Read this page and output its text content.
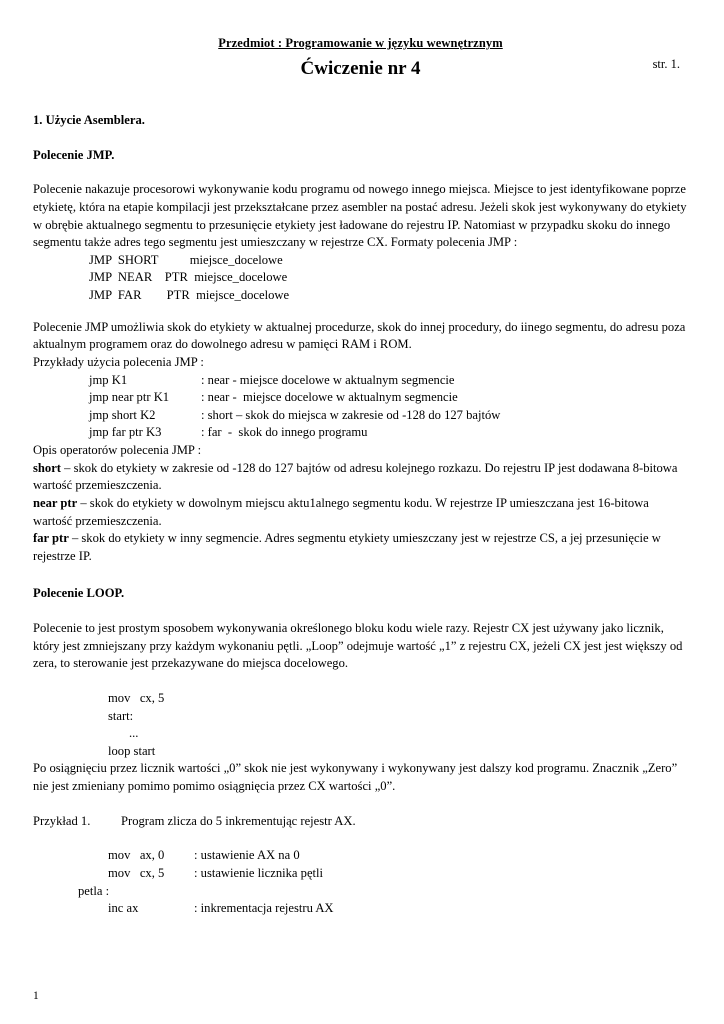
Przedmiot : Programowanie w języku wewnętrznym
str. 1.
Ćwiczenie nr 4
1. Użycie Asemblera.
Polecenie JMP.

Polecenie nakazuje procesorowi wykonywanie kodu programu od nowego innego miejsca. Miejsce to jest identyfikowane poprze etykietę, która na etapie kompilacji jest przekształcane przez asembler na postać adresu. Jeżeli skok jest wykonywany do etykiety w obrębie aktualnego segmentu to przesunięcie etykiety jest ładowane do rejestru IP. Natomiast w przypadku skoku do innego segmentu także adres tego segmentu jest umieszczany w rejestrze CX. Formaty polecenia JMP :

JMP  SHORT          miejsce_docelowe
JMP  NEAR    PTR  miejsce_docelowe
JMP  FAR        PTR  miejsce_docelowe

Polecenie JMP umożliwia skok do etykiety w aktualnej procedurze, skok do innej procedury, do iinego segmentu, do adresu poza aktualnym programem oraz do dowolnego adresu w pamięci RAM i ROM.

Przykłady użycia polecenia JMP :

jmp K1	: near - miejsce docelowe w aktualnym segmencie
jmp near ptr K1	: near -  miejsce docelowe w aktualnym segmencie
jmp short K2	: short – skok do miejsca w zakresie od -128 do 127 bajtów
jmp far ptr K3	: far  -  skok do innego programu

Opis operatorów polecenia JMP :

short – skok do etykiety w zakresie od -128 do 127 bajtów od adresu kolejnego rozkazu. Do rejestru IP jest dodawana 8-bitowa wartość przemieszczenia.

near ptr – skok do etykiety w dowolnym miejscu aktu1alnego segmentu kodu. W rejestrze IP umieszczana jest 16-bitowa wartość przemieszczenia.

far ptr – skok do etykiety w inny segmencie. Adres segmentu etykiety umieszczany jest w rejestrze CS, a jej przesunięcie w rejestrze IP.

Polecenie LOOP.

Polecenie to jest prostym sposobem wykonywania określonego bloku kodu wiele razy. Rejestr CX jest używany jako licznik, który jest zmniejszany przy każdym wykonaniu pętli. „Loop” odejmuje wartość „1” z rejestru CX, jeżeli CX jest jest większy od zera, to sterowanie jest przekazywane do miejsca docelowego.

mov   cx, 5
start:
...
loop start

Po osiągnięciu przez licznik wartości „0” skok nie jest wykonywany i wykonywany jest dalszy kod programu. Znacznik „Zero” nie jest zmieniany pomimo pomimo osiągnięcia przez CX wartości „0”.

Przykład 1. Program zlicza do 5 inkrementując rejestr AX.

mov   ax, 0 : ustawienie AX na 0
mov   cx, 5 : ustawienie licznika pętli
petla :
inc ax	: inkrementacja rejestru AX
1
